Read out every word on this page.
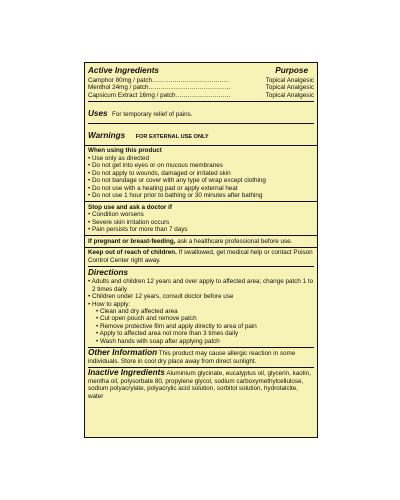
Active Ingredients	Purpose
Camphor 80mg / patch ......................................	Topical Analgesic
Menthol 24mg / patch ........................................	Topical Analgesic
Capsicum Extract 16mg / patch ...........................	Topical Analgesic
Uses For temporary relief of pains.
Warnings FOR EXTERNAL USE ONLY
When using this product
• Use only as directed
• Do not get into eyes or on mucous membranes
• Do not apply to wounds, damaged or irritated skin
• Do not bandage or cover with any type of wrap except clothing
• Do not use with a heating pad or apply external heat
• Do not use 1 hour prior to bathing or 30 minutes after bathing
Stop use and ask a doctor if
• Condition worsens
• Severe skin irritation occurs
• Pain persists for more than 7 days
If pregnant or breast-feeding, ask a healthcare professional before use.
Keep out of reach of children. If swallowed, get medical help or contact Poison Control Center right away.
Directions
• Adults and children 12 years and over apply to affected area; change patch 1 to 2 times daily
• Children under 12 years, consult doctor before use
• How to apply:
• Clean and dry affected area
• Cut open pouch and remove patch
• Remove protective film and apply directly to area of pain
• Apply to affected area not more than 3 times daily
• Wash hands with soap after applying patch
Other Information This product may cause allergic reaction in some individuals. Store in cool dry place away from direct sunlight.
Inactive Ingredients Aluminium glycinate, eucalyptus oil, glycerin, kaolin, mentha oil, polysorbate 80, propylene glycol, sodium carboxymethylcellulose, sodium polyacrylate, polyacrylic acid solution, sorbitol solution, hydrotalcite, water
